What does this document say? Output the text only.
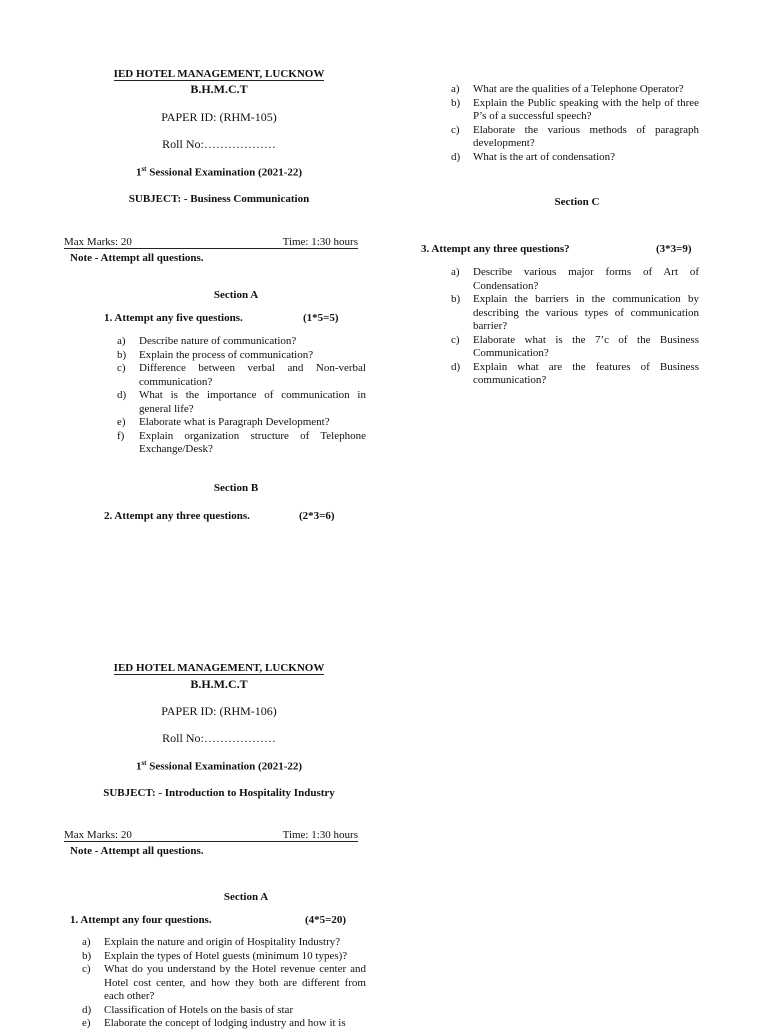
IED HOTEL MANAGEMENT, LUCKNOW
B.H.M.C.T
PAPER ID: (RHM-105)
Roll No:………………
1st Sessional Examination (2021-22)
SUBJECT: - Business Communication
Max Marks: 20	Time: 1:30 hours
Note - Attempt all questions.
Section A
1. Attempt any five questions.	(1*5=5)
a) Describe nature of communication?
b) Explain the process of communication?
c) Difference between verbal and Non-verbal communication?
d) What is the importance of communication in general life?
e) Elaborate what is Paragraph Development?
f) Explain organization structure of Telephone Exchange/Desk?
Section B
2. Attempt any three questions.	(2*3=6)
a) What are the qualities of a Telephone Operator?
b) Explain the Public speaking with the help of three P’s of a successful speech?
c) Elaborate the various methods of paragraph development?
d) What is the art of condensation?
Section C
3. Attempt any three questions?	(3*3=9)
a) Describe various major forms of Art of Condensation?
b) Explain the barriers in the communication by describing the various types of communication barrier?
c) Elaborate what is the 7’c of the Business Communication?
d) Explain what are the features of Business communication?
IED HOTEL MANAGEMENT, LUCKNOW
B.H.M.C.T
PAPER ID: (RHM-106)
Roll No:………………
1st Sessional Examination (2021-22)
SUBJECT: - Introduction to Hospitality Industry
Max Marks: 20	Time: 1:30 hours
Note - Attempt all questions.
Section A
1. Attempt any four questions.	(4*5=20)
a) Explain the nature and origin of Hospitality Industry?
b) Explain the types of Hotel guests (minimum 10 types)?
c) What do you understand by the Hotel revenue center and Hotel cost center, and how they both are different from each other?
d) Classification of Hotels on the basis of star
e) Elaborate the concept of lodging industry and how it is
